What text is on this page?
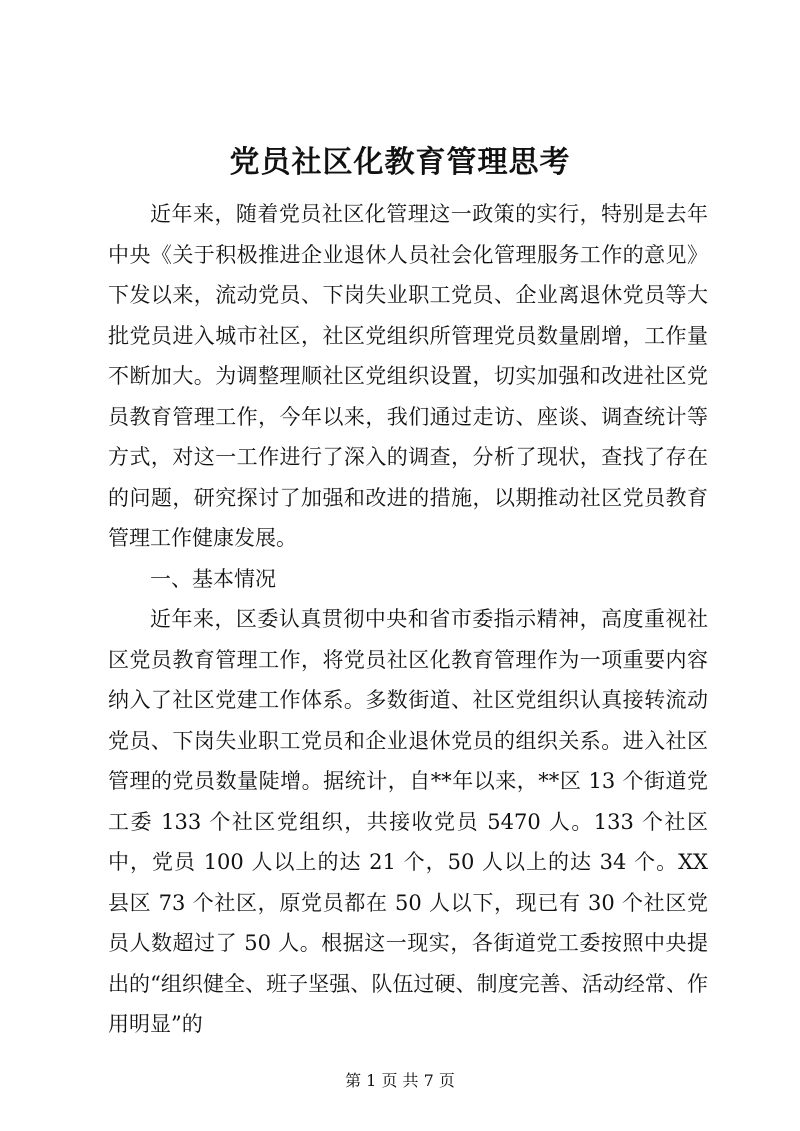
党员社区化教育管理思考

近年来，随着党员社区化管理这一政策的实行，特别是去年中央《关于积极推进企业退休人员社会化管理服务工作的意见》下发以来，流动党员、下岗失业职工党员、企业离退休党员等大批党员进入城市社区，社区党组织所管理党员数量剧增，工作量不断加大。为调整理顺社区党组织设置，切实加强和改进社区党员教育管理工作，今年以来，我们通过走访、座谈、调查统计等方式，对这一工作进行了深入的调查，分析了现状，查找了存在的问题，研究探讨了加强和改进的措施，以期推动社区党员教育管理工作健康发展。

一、基本情况

近年来，区委认真贯彻中央和省市委指示精神，高度重视社区党员教育管理工作，将党员社区化教育管理作为一项重要内容纳入了社区党建工作体系。多数街道、社区党组织认真接转流动党员、下岗失业职工党员和企业退休党员的组织关系。进入社区管理的党员数量陡增。据统计，自**年以来，**区 13 个街道党工委 133 个社区党组织，共接收党员 5470 人。133 个社区中，党员 100 人以上的达 21 个，50 人以上的达 34 个。XX 县区 73 个社区，原党员都在 50 人以下，现已有 30 个社区党员人数超过了 50 人。根据这一现实，各街道党工委按照中央提出的“组织健全、班子坚强、队伍过硬、制度完善、活动经常、作用明显”的

第 1 页 共 7 页
